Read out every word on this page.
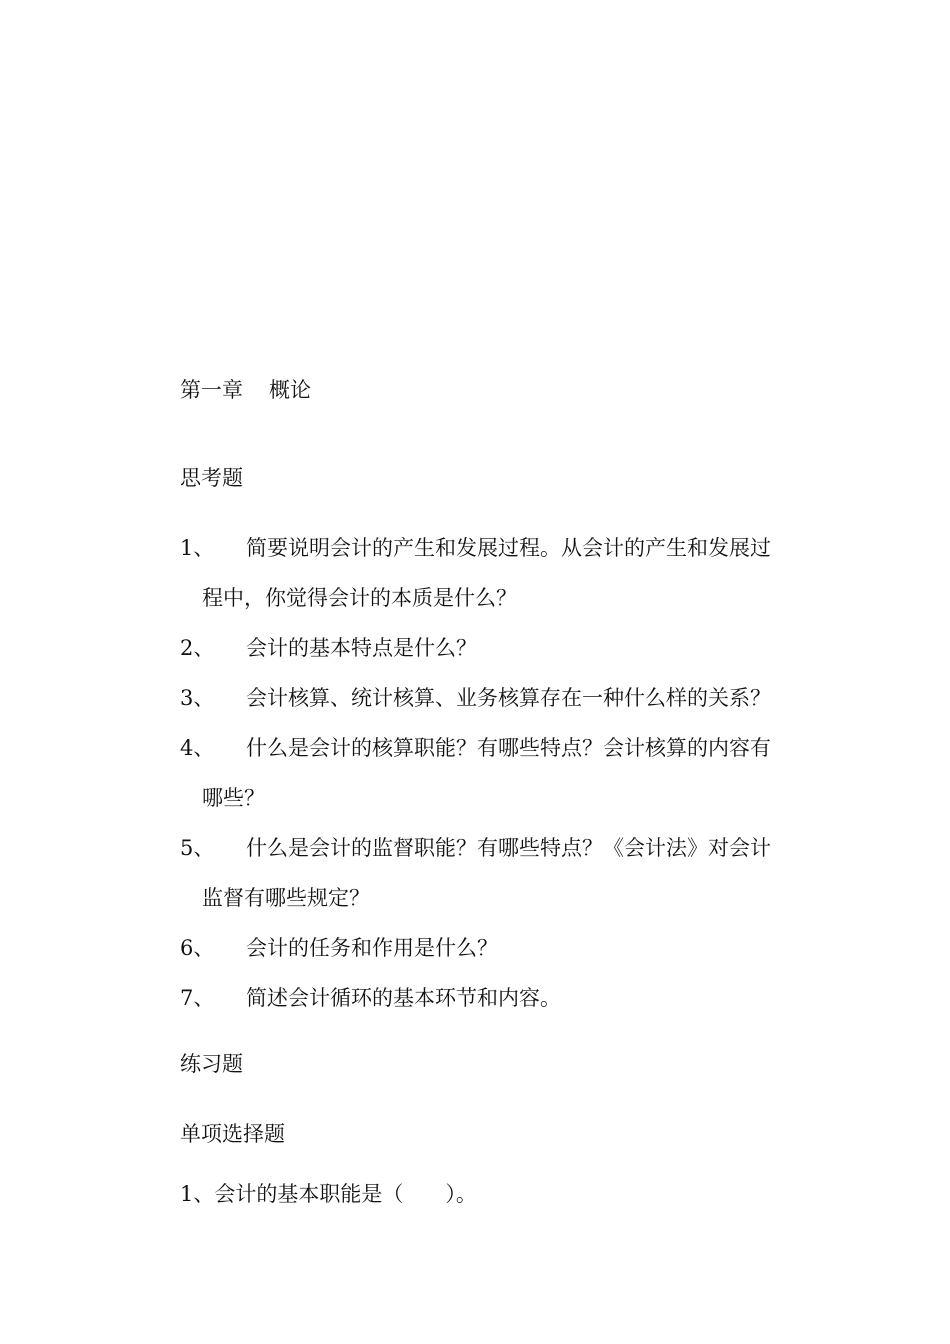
第一章 概论
思考题
1、 简要说明会计的产生和发展过程。从会计的产生和发展过
程中，你觉得会计的本质是什么？
2、 会计的基本特点是什么？
3、 会计核算、统计核算、业务核算存在一种什么样的关系？
4、 什么是会计的核算职能？有哪些特点？会计核算的内容有
哪些？
5、 什么是会计的监督职能？有哪些特点？《会计法》对会计
监督有哪些规定？
6、 会计的任务和作用是什么？
7、 简述会计循环的基本环节和内容。
练习题
单项选择题
1、会计的基本职能是（　　）。
